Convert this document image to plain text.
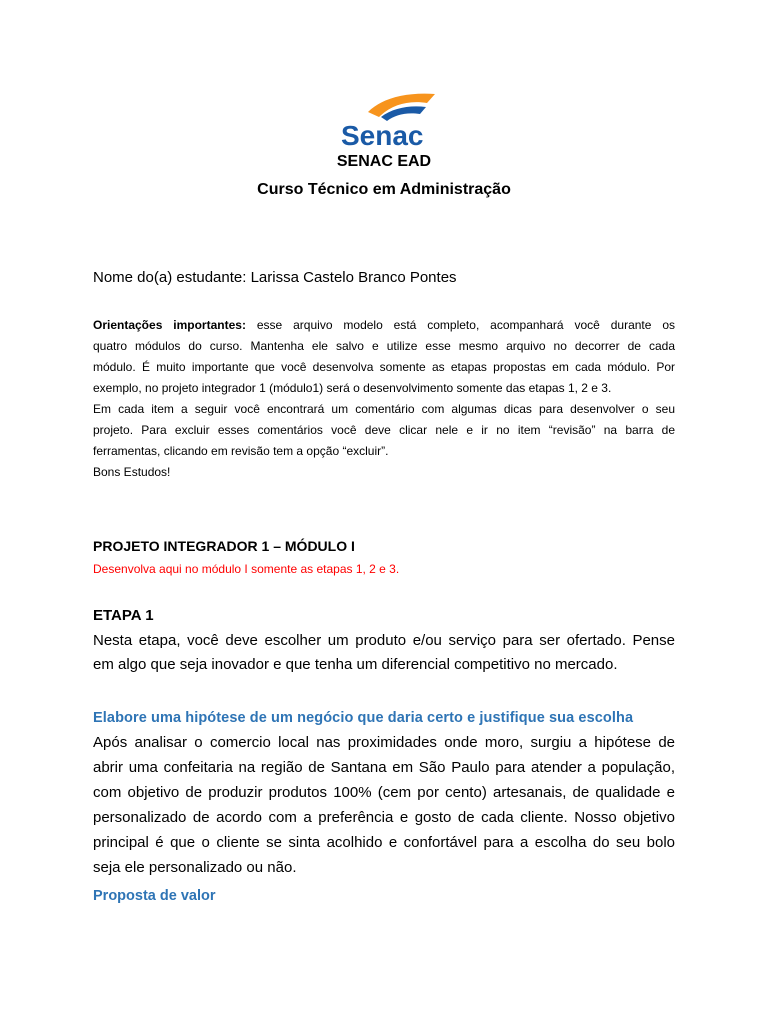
Senac
SENAC EAD
Curso Técnico em Administração
Nome do(a) estudante: Larissa Castelo Branco Pontes
Orientações importantes: esse arquivo modelo está completo, acompanhará você durante os
quatro módulos do curso. Mantenha ele salvo e utilize esse mesmo arquivo no decorrer de cada
módulo. É muito importante que você desenvolva somente as etapas propostas em cada módulo. Por
exemplo, no projeto integrador 1 (módulo1) será o desenvolvimento somente das etapas 1, 2 e 3.
Em cada item a seguir você encontrará um comentário com algumas dicas para desenvolver o seu
projeto. Para excluir esses comentários você deve clicar nele e ir no item “revisão” na barra de
ferramentas, clicando em revisão tem a opção “excluir”.
Bons Estudos!
PROJETO INTEGRADOR 1 – MÓDULO I
Desenvolva aqui no módulo I somente as etapas 1, 2 e 3.
ETAPA 1
Nesta etapa, você deve escolher um produto e/ou serviço para ser ofertado. Pense
em algo que seja inovador e que tenha um diferencial competitivo no mercado.
Elabore uma hipótese de um negócio que daria certo e justifique sua escolha
Após analisar o comercio local nas proximidades onde moro, surgiu a hipótese de
abrir uma confeitaria na região de Santana em São Paulo para atender a população,
com objetivo de produzir produtos 100% (cem por cento) artesanais, de qualidade e
personalizado de acordo com a preferência e gosto de cada cliente. Nosso objetivo
principal é que o cliente se sinta acolhido e confortável para a escolha do seu bolo
seja ele personalizado ou não.
Proposta de valor
